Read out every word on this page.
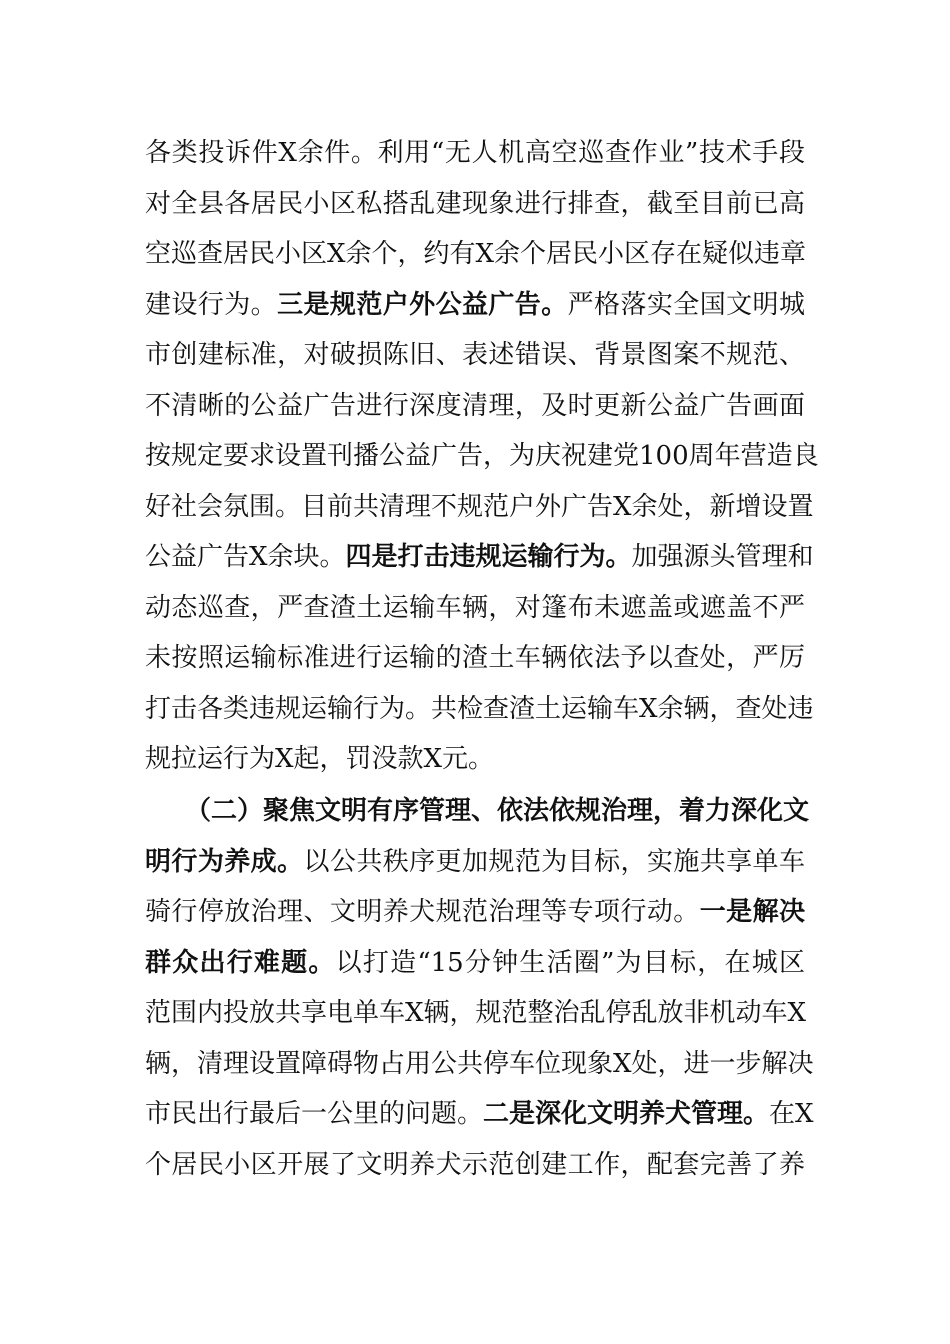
各类投诉件X余件。利用“无人机高空巡查作业”技术手段
对全县各居民小区私搭乱建现象进行排查，截至目前已高
空巡查居民小区X余个，约有X余个居民小区存在疑似违章
建设行为。三是规范户外公益广告。严格落实全国文明城
市创建标准，对破损陈旧、表述错误、背景图案不规范、
不清晰的公益广告进行深度清理，及时更新公益广告画面
按规定要求设置刊播公益广告，为庆祝建党100周年营造良
好社会氛围。目前共清理不规范户外广告X余处，新增设置
公益广告X余块。四是打击违规运输行为。加强源头管理和
动态巡查，严查渣土运输车辆，对篷布未遮盖或遮盖不严
未按照运输标准进行运输的渣土车辆依法予以查处，严厉
打击各类违规运输行为。共检查渣土运输车X余辆，查处违
规拉运行为X起，罚没款X元。
（二）聚焦文明有序管理、依法依规治理，着力深化文
明行为养成。以公共秩序更加规范为目标，实施共享单车
骑行停放治理、文明养犬规范治理等专项行动。一是解决
群众出行难题。以打造“15分钟生活圈”为目标，在城区
范围内投放共享电单车X辆，规范整治乱停乱放非机动车X
辆，清理设置障碍物占用公共停车位现象X处，进一步解决
市民出行最后一公里的问题。二是深化文明养犬管理。在X
个居民小区开展了文明养犬示范创建工作，配套完善了养
